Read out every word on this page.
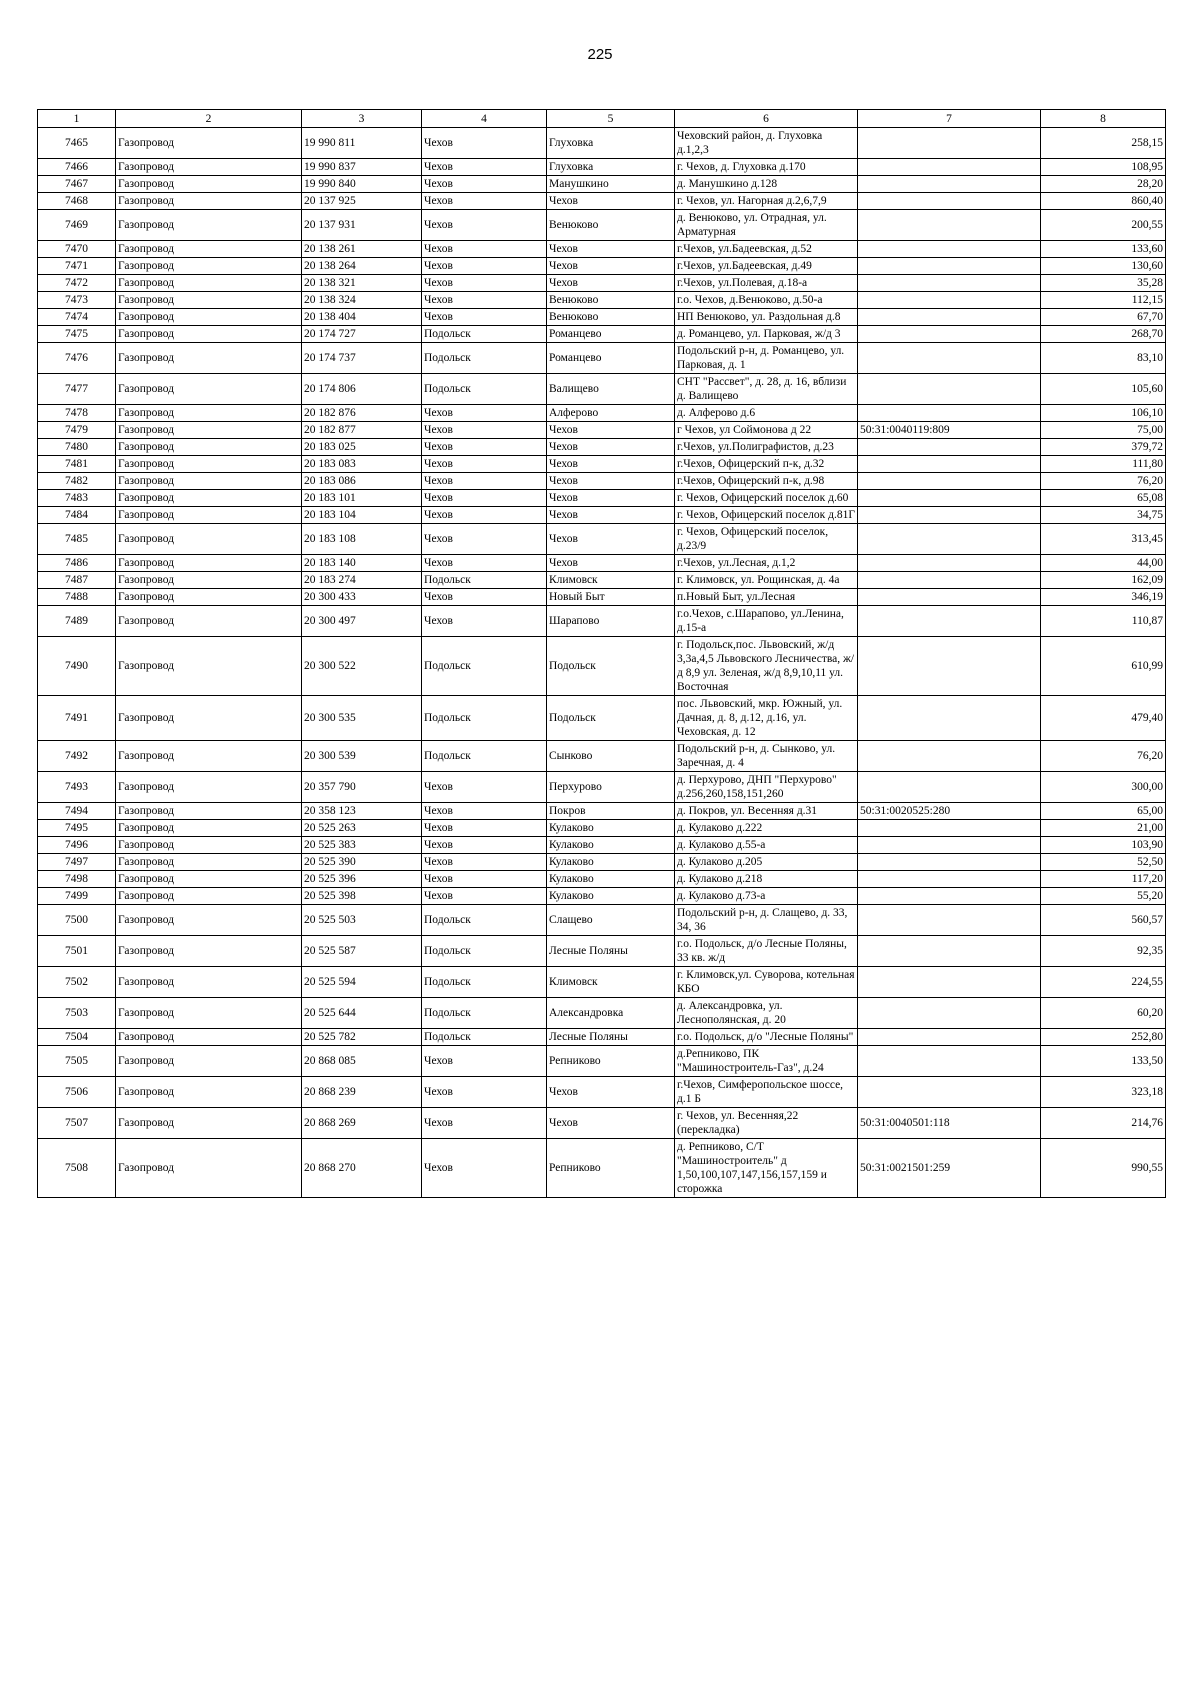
225
1	2	3	4	5	6	7	8
7465	Газопровод	19 990 811	Чехов	Глуховка	Чеховский район, д. Глуховка д.1,2,3		258,15
7466	Газопровод	19 990 837	Чехов	Глуховка	г. Чехов, д. Глуховка д.170		108,95
7467	Газопровод	19 990 840	Чехов	Манушкино	д. Манушкино д.128		28,20
7468	Газопровод	20 137 925	Чехов	Чехов	г. Чехов, ул. Нагорная д.2,6,7,9		860,40
7469	Газопровод	20 137 931	Чехов	Венюково	д. Венюково, ул. Отрадная, ул. Арматурная		200,55
7470	Газопровод	20 138 261	Чехов	Чехов	г.Чехов, ул.Бадеевская, д.52		133,60
7471	Газопровод	20 138 264	Чехов	Чехов	г.Чехов, ул.Бадеевская, д.49		130,60
7472	Газопровод	20 138 321	Чехов	Чехов	г.Чехов, ул.Полевая, д.18-а		35,28
7473	Газопровод	20 138 324	Чехов	Венюково	г.о. Чехов, д.Венюково, д.50-а		112,15
7474	Газопровод	20 138 404	Чехов	Венюково	НП Венюково, ул. Раздольная д.8		67,70
7475	Газопровод	20 174 727	Подольск	Романцево	д. Романцево, ул. Парковая, ж/д 3		268,70
7476	Газопровод	20 174 737	Подольск	Романцево	Подольский р-н, д. Романцево, ул. Парковая, д. 1		83,10
7477	Газопровод	20 174 806	Подольск	Валищево	СНТ "Рассвет", д. 28, д. 16, вблизи д. Валищево		105,60
7478	Газопровод	20 182 876	Чехов	Алферово	д. Алферово д.6		106,10
7479	Газопровод	20 182 877	Чехов	Чехов	г Чехов, ул Соймонова д 22	50:31:0040119:809	75,00
7480	Газопровод	20 183 025	Чехов	Чехов	г.Чехов, ул.Полиграфистов, д.23		379,72
7481	Газопровод	20 183 083	Чехов	Чехов	г.Чехов, Офицерский п-к, д.32		111,80
7482	Газопровод	20 183 086	Чехов	Чехов	г.Чехов, Офицерский п-к, д.98		76,20
7483	Газопровод	20 183 101	Чехов	Чехов	г. Чехов, Офицерский поселок д.60		65,08
7484	Газопровод	20 183 104	Чехов	Чехов	г. Чехов, Офицерский поселок д.81Г		34,75
7485	Газопровод	20 183 108	Чехов	Чехов	г. Чехов, Офицерский поселок, д.23/9		313,45
7486	Газопровод	20 183 140	Чехов	Чехов	г.Чехов, ул.Лесная, д.1,2		44,00
7487	Газопровод	20 183 274	Подольск	Климовск	г. Климовск, ул. Рощинская, д. 4а		162,09
7488	Газопровод	20 300 433	Чехов	Новый Быт	п.Новый Быт, ул.Лесная		346,19
7489	Газопровод	20 300 497	Чехов	Шарапово	г.о.Чехов, с.Шарапово, ул.Ленина, д.15-а		110,87
7490	Газопровод	20 300 522	Подольск	Подольск	г. Подольск,пос. Львовский, ж/д 3,3а,4,5 Львовского Лесничества, ж/д 8,9 ул. Зеленая, ж/д 8,9,10,11 ул. Восточная		610,99
7491	Газопровод	20 300 535	Подольск	Подольск	пос. Львовский, мкр. Южный, ул. Дачная, д. 8, д.12, д.16, ул. Чеховская, д. 12		479,40
7492	Газопровод	20 300 539	Подольск	Сынково	Подольский р-н, д. Сынково, ул. Заречная, д. 4		76,20
7493	Газопровод	20 357 790	Чехов	Перхурово	д. Перхурово, ДНП "Перхурово" д.256,260,158,151,260		300,00
7494	Газопровод	20 358 123	Чехов	Покров	д. Покров, ул. Весенняя д.31	50:31:0020525:280	65,00
7495	Газопровод	20 525 263	Чехов	Кулаково	д. Кулаково д.222		21,00
7496	Газопровод	20 525 383	Чехов	Кулаково	д. Кулаково д.55-а		103,90
7497	Газопровод	20 525 390	Чехов	Кулаково	д. Кулаково д.205		52,50
7498	Газопровод	20 525 396	Чехов	Кулаково	д. Кулаково д.218		117,20
7499	Газопровод	20 525 398	Чехов	Кулаково	д. Кулаково д.73-а		55,20
7500	Газопровод	20 525 503	Подольск	Слащево	Подольский р-н, д. Слащево, д. 33, 34, 36		560,57
7501	Газопровод	20 525 587	Подольск	Лесные Поляны	г.о. Подольск, д/о Лесные Поляны, 33 кв. ж/д		92,35
7502	Газопровод	20 525 594	Подольск	Климовск	г. Климовск,ул. Суворова, котельная КБО		224,55
7503	Газопровод	20 525 644	Подольск	Александровка	д. Александровка, ул. Леснополянская, д. 20		60,20
7504	Газопровод	20 525 782	Подольск	Лесные Поляны	г.о. Подольск, д/о "Лесные Поляны"		252,80
7505	Газопровод	20 868 085	Чехов	Репниково	д.Репниково, ПК "Машиностроитель-Газ", д.24		133,50
7506	Газопровод	20 868 239	Чехов	Чехов	г.Чехов, Симферопольское шоссе, д.1 Б		323,18
7507	Газопровод	20 868 269	Чехов	Чехов	г. Чехов, ул. Весенняя,22 (перекладка)	50:31:0040501:118	214,76
7508	Газопровод	20 868 270	Чехов	Репниково	д. Репниково, С/Т "Машиностроитель" д 1,50,100,107,147,156,157,159 и сторожка	50:31:0021501:259	990,55
